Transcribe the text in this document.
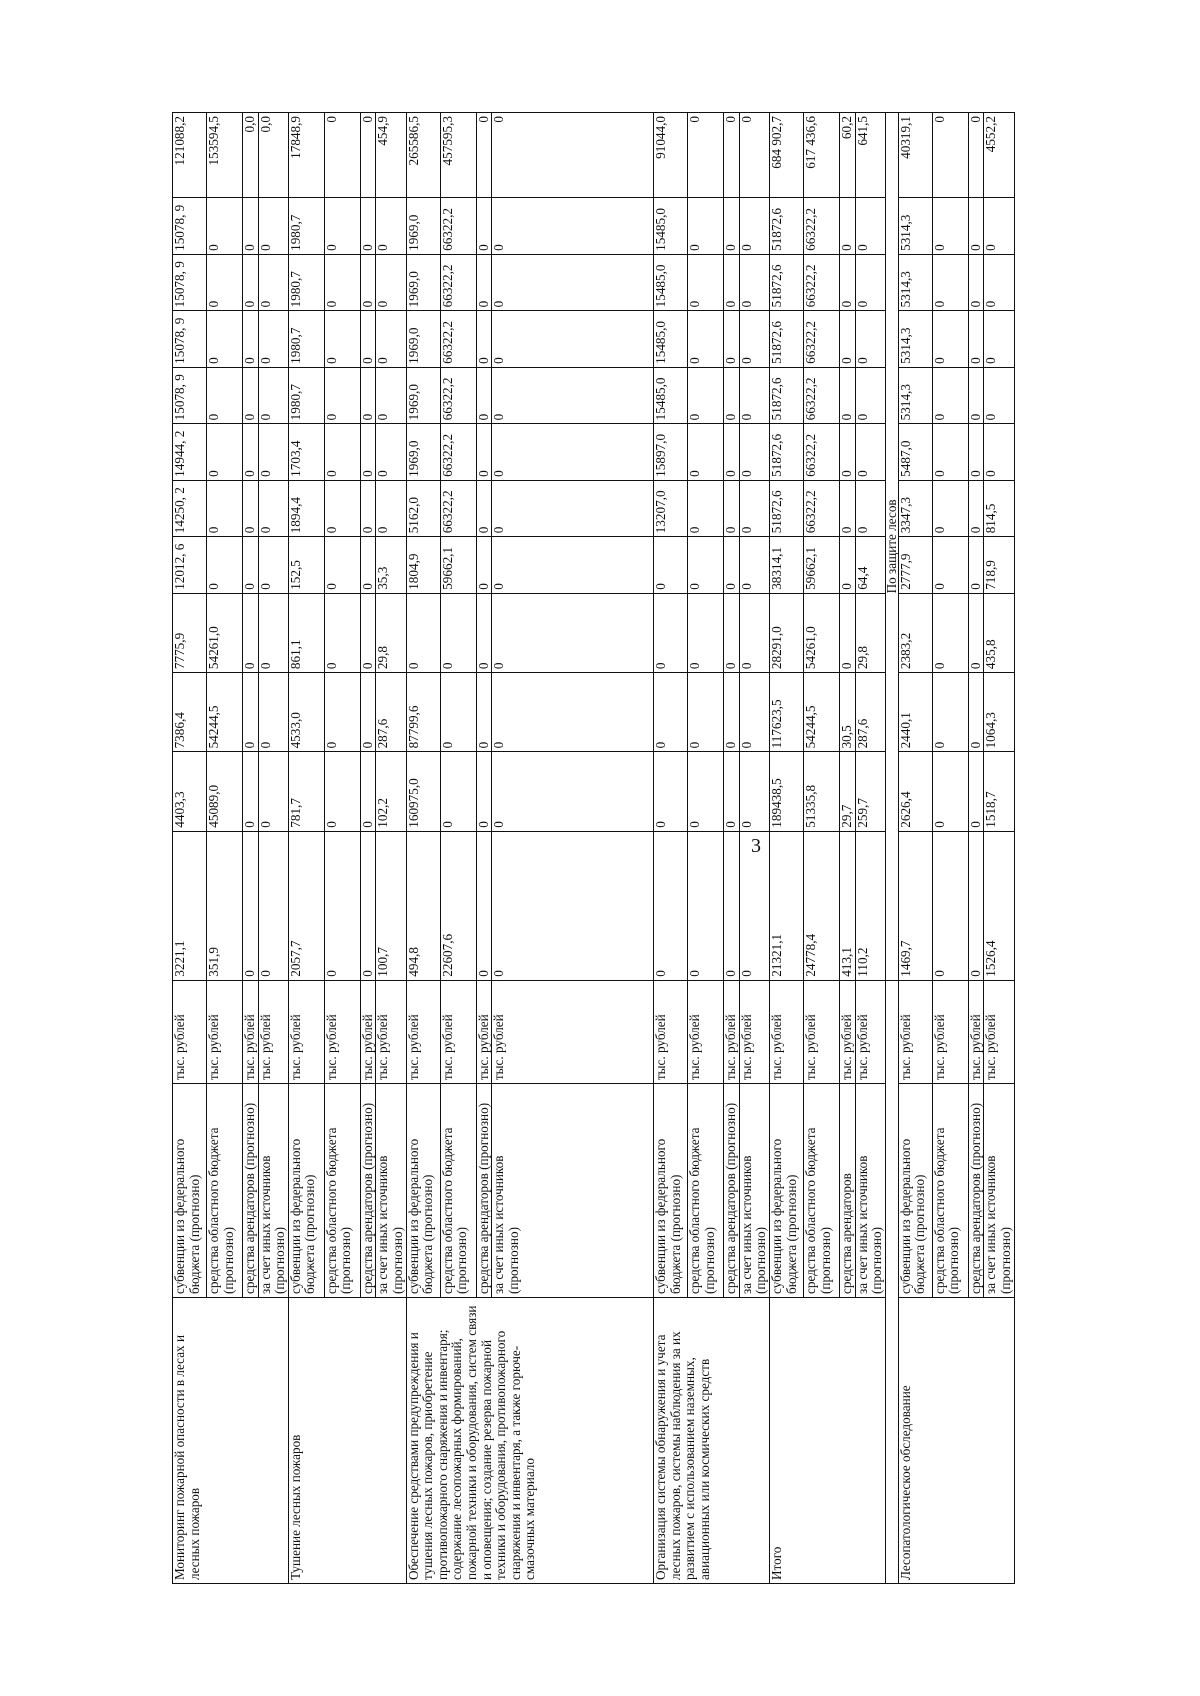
3
Мониторинг пожарной опасности в лесах и лесных пожаров	субвенции из федерального бюджета (прогнозно)	тыс. рублей	3221,1	4403,3	7386,4	7775,9	12012, 6	14250, 2	14944, 2	15078, 9	15078, 9	15078, 9	15078, 9	121088,2
	средства областного бюджета (прогнозно)	тыс. рублей	351,9	45089,0	54244,5	54261,0	0	0	0	0	0	0	0	153594,5
	средства арендаторов (прогнозно)	тыс. рублей	0	0	0	0	0	0	0	0	0	0	0	0,0
	за счет иных источников (прогнозно)	тыс. рублей	0	0	0	0	0	0	0	0	0	0	0	0,0
Тушение лесных пожаров	субвенции из федерального бюджета (прогнозно)	тыс. рублей	2057,7	781,7	4533,0	861,1	152,5	1894,4	1703,4	1980,7	1980,7	1980,7	1980,7	17848,9
	средства областного бюджета (прогнозно)	тыс. рублей	0	0	0	0	0	0	0	0	0	0	0	0
	средства арендаторов (прогнозно)	тыс. рублей	0	0	0	0	0	0	0	0	0	0	0	0
	за счет иных источников (прогнозно)	тыс. рублей	100,7	102,2	287,6	29,8	35,3	0	0	0	0	0	0	454,9
Обеспечение средствами предупреждения и тушения лесных пожаров, приобретение противопожарного снаряжения и инвентаря; содержание лесопожарных формирований, пожарной техники и оборудования, систем связи и оповещения; создание резерва пожарной техники и оборудования, противопожарного снаряжения и инвентаря, а также горюче-смазочных материало	субвенции из федерального бюджета (прогнозно)	тыс. рублей	494,8	160975,0	87799,6	0	1804,9	5162,0	1969,0	1969,0	1969,0	1969,0	1969,0	265586,5
	средства областного бюджета (прогнозно)	тыс. рублей	22607,6	0	0	0	59662,1	66322,2	66322,2	66322,2	66322,2	66322,2	66322,2	457595,3
	средства арендаторов (прогнозно)	тыс. рублей	0	0	0	0	0	0	0	0	0	0	0	0
	за счет иных источников (прогнозно)	тыс. рублей	0	0	0	0	0	0	0	0	0	0	0	0
Организация системы обнаружения и учета лесных пожаров, системы наблюдения за их развитием с использованием наземных, авиационных или космических средств	субвенции из федерального бюджета (прогнозно)	тыс. рублей	0	0	0	0	0	13207,0	15897,0	15485,0	15485,0	15485,0	15485,0	91044,0
	средства областного бюджета (прогнозно)	тыс. рублей	0	0	0	0	0	0	0	0	0	0	0	0
	средства арендаторов (прогнозно)	тыс. рублей	0	0	0	0	0	0	0	0	0	0	0	0
	за счет иных источников (прогнозно)	тыс. рублей	0	0	0	0	0	0	0	0	0	0	0	0
Итого	субвенции из федерального бюджета (прогнозно)	тыс. рублей	21321,1	189438,5	117623,5	28291,0	38314,1	51872,6	51872,6	51872,6	51872,6	51872,6	51872,6	684 902,7
	средства областного бюджета (прогнозно)	тыс. рублей	24778,4	51335,8	54244,5	54261,0	59662,1	66322,2	66322,2	66322,2	66322,2	66322,2	66322,2	617 436,6
	средства арендаторов	тыс. рублей	413,1	29,7	30,5	0	0	0	0	0	0	0	0	60,2
	за счет иных источников (прогнозно)	тыс. рублей	110,2	259,7	287,6	29,8	64,4	0	0	0	0	0	0	641,5
			По защите лесов											
Лесопатологическое обследование	субвенции из федерального бюджета (прогнозно)	тыс. рублей	1469,7	2626,4	2440,1	2383,2	2777,9	3347,3	5487,0	5314,3	5314,3	5314,3	5314,3	40319,1
	средства областного бюджета (прогнозно)	тыс. рублей	0	0	0	0	0	0	0	0	0	0	0	0
	средства арендаторов (прогнозно)	тыс. рублей	0	0	0	0	0	0	0	0	0	0	0	0
	за счет иных источников (прогнозно)	тыс. рублей	1526,4	1518,7	1064,3	435,8	718,9	814,5	0	0	0	0	0	4552,2
